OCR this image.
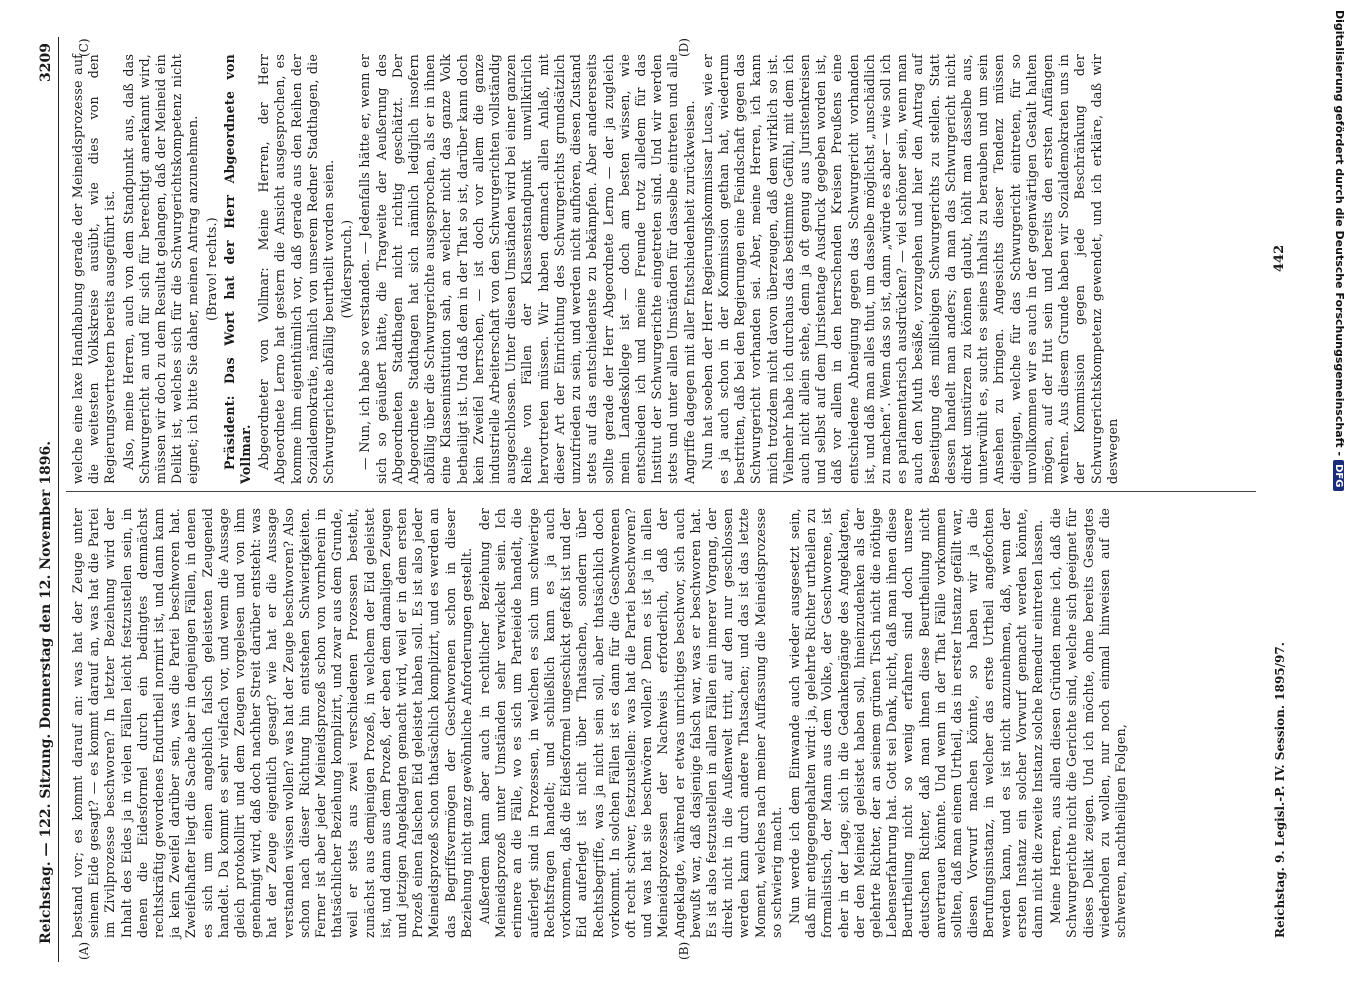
Reichstag. — 122. Sitzung. Donnerstag den 12. November 1896.
3209
(A)	(B)
(C)	(D)

bestand vor; es kommt darauf an: was hat der Zeuge unter seinem Eide gesagt? — es kommt darauf an, was hat die Partei im Zivilprozesse beschworen? In letzter Beziehung wird der Inhalt des Eides ja in vielen Fällen leicht festzustellen sein, in denen die Eidesformel durch ein bedingtes demnächst rechtskräftig gewordenes Endurtheil normirt ist, und dann kann ja kein Zweifel darüber sein, was die Partei beschworen hat. Zweifelhafter liegt die Sache aber in denjenigen Fällen, in denen es sich um einen angeblich falsch geleisteten Zeugeneid handelt. Da kommt es sehr vielfach vor, und wenn die Aussage gleich protokollirt und dem Zeugen vorgelesen und von ihm genehmigt wird, daß doch nachher Streit darüber entsteht: was hat der Zeuge eigentlich gesagt? wie hat er die Aussage verstanden wissen wollen? was hat der Zeuge beschworen? Also schon nach dieser Richtung hin entstehen Schwierigkeiten. Ferner ist aber jeder Meineidsprozeß schon von vornherein in thatsächlicher Beziehung komplizirt, und zwar aus dem Grunde, weil er stets aus zwei verschiedenen Prozessen besteht, zunächst aus demjenigen Prozeß, in welchem der Eid geleistet ist, und dann aus dem Prozeß, der eben dem damaligen Zeugen und jetzigen Angeklagten gemacht wird, weil er in dem ersten Prozeß einen falschen Eid geleistet haben soll. Es ist also jeder Meineidsprozeß schon thatsächlich komplizirt, und es werden an das Begriffsvermögen der Geschworenen schon in dieser Beziehung nicht ganz gewöhnliche Anforderungen gestellt. Außerdem kann aber auch in rechtlicher Beziehung der Meineidsprozeß unter Umständen sehr verwickelt sein. Ich erinnere an die Fälle, wo es sich um Parteieide handelt, die auferlegt sind in Prozessen, in welchen es sich um schwierige Rechtsfragen handelt; und schließlich kann es ja auch vorkommen, daß die Eidesformel ungeschickt gefaßt ist und der Eid auferlegt ist nicht über Thatsachen, sondern über Rechtsbegriffe, was ja nicht sein soll, aber thatsächlich doch vorkommt. In solchen Fällen ist es dann für die Geschworenen oft recht schwer, festzustellen: was hat die Partei beschworen? und was hat sie beschwören wollen? Denn es ist ja in allen Meineidsprozessen der Nachweis erforderlich, daß der Angeklagte, während er etwas unrichtiges beschwor, sich auch bewußt war, daß dasjenige falsch war, was er beschworen hat. Es ist also festzustellen in allen Fällen ein innerer Vorgang, der direkt nicht in die Außenwelt tritt, auf den nur geschlossen werden kann durch andere Thatsachen; und das ist das letzte Moment, welches nach meiner Auffassung die Meineidsprozesse so schwierig macht. Nun werde ich dem Einwande auch wieder ausgesetzt sein, daß mir entgegengehalten wird: ja, gelehrte Richter urtheilen zu formalistisch, der Mann aus dem Volke, der Geschworene, ist eher in der Lage, sich in die Gedankengänge des Angeklagten, der den Meineid geleistet haben soll, hineinzudenken als der gelehrte Richter, der an seinem grünen Tisch nicht die nöthige Lebenserfahrung hat. Gott sei Dank, nicht, daß man ihnen diese Beurtheilung nicht so wenig erfahren sind doch unsere deutschen Richter, daß man ihnen diese Beurtheilung nicht anvertrauen könnte. Und wenn in der That Fälle vorkommen sollten, daß man einem Urtheil, das in erster Instanz gefällt war, diesen Vorwurf machen könnte, so haben wir ja die Berufungsinstanz, in welcher das erste Urtheil angefochten werden kann, und es ist nicht anzunehmen, daß, wenn der ersten Instanz ein solcher Vorwurf gemacht werden könnte, dann nicht die zweite Instanz solche Remedur eintreten lassen. Meine Herren, aus allen diesen Gründen meine ich, daß die Schwurgerichte nicht die Gerichte sind, welche sich geeignet für dieses Delikt zeigen. Und ich möchte, ohne bereits Gesagtes wiederholen zu wollen, nur noch einmal hinweisen auf die schweren, nachtheiligen Folgen,

welche eine laxe Handhabung gerade der Meineidsprozesse auf die weitesten Volkskreise ausübt, wie dies von den Regierungsvertretern bereits ausgeführt ist. Also, meine Herren, auch von dem Standpunkt aus, daß das Schwurgericht an und für sich für berechtigt anerkannt wird, müssen wir doch zu dem Resultat gelangen, daß der Meineid ein Delikt ist, welches sich für die Schwurgerichtskompetenz nicht eignet; ich bitte Sie daher, meinen Antrag anzunehmen. (Bravo! rechts.) Präsident: Das Wort hat der Herr Abgeordnete von Vollmar. Abgeordneter von Vollmar: Meine Herren, der Herr Abgeordnete Lerno hat gestern die Ansicht ausgesprochen, es komme ihm eigenthümlich vor, daß gerade aus den Reihen der Sozialdemokratie, nämlich von unserem Redner Stadthagen, die Schwurgerichte abfällig beurtheilt worden seien. (Widerspruch.) — Nun, ich habe so verstanden. — Jedenfalls hätte er, wenn er sich so geäußert hätte, die Tragweite der Aeußerung des Abgeordneten Stadthagen nicht richtig geschätzt. Der Abgeordnete Stadthagen hat sich nämlich lediglich insofern abfällig über die Schwurgerichte ausgesprochen, als er in ihnen eine Klasseninstitution sah, an welcher nicht das ganze Volk betheiligt ist. Und daß dem in der That so ist, darüber kann doch kein Zweifel herrschen, — ist doch vor allem die ganze industrielle Arbeiterschaft von den Schwurgerichten vollständig ausgeschlossen. Unter diesen Umständen wird bei einer ganzen Reihe von Fällen der Klassenstandpunkt unwillkürlich hervortreten müssen. Wir haben demnach allen Anlaß, mit dieser Art der Einrichtung des Schwurgerichts grundsätzlich unzufrieden zu sein, und werden nicht aufhören, diesen Zustand stets auf das entschiedenste zu bekämpfen. Aber andererseits sollte gerade der Herr Abgeordnete Lerno — der ja zugleich mein Landeskollege ist — doch am besten wissen, wie entschieden ich und meine Freunde trotz alledem für das Institut der Schwurgerichte eingetreten sind. Und wir werden stets und unter allen Umständen für dasselbe eintreten und alle Angriffe dagegen mit aller Entschiedenheit zurückweisen. Nun hat soeben der Herr Regierungskommissar Lucas, wie er es ja auch schon in der Kommission gethan hat, wiederum bestritten, daß bei den Regierungen eine Feindschaft gegen das Schwurgericht vorhanden sei. Aber, meine Herren, ich kann mich trotzdem nicht davon überzeugen, daß dem wirklich so ist. Vielmehr habe ich durchaus das bestimmte Gefühl, mit dem ich auch nicht allein stehe, denn ja oft genug aus Juristenkreisen und selbst auf dem Juristentage Ausdruck gegeben worden ist, daß vor allem in den herrschenden Kreisen Preußens eine entschiedene Abneigung gegen das Schwurgericht vorhanden ist, und daß man alles thut, um dasselbe möglichst „unschädlich zu machen“. Wenn das so ist, dann „würde es aber — wie soll ich es parlamentarisch ausdrücken? — viel schöner sein, wenn man auch den Muth besäße, vorzugehen und hier den Antrag auf Beseitigung des mißliebigen Schwurgerichts zu stellen. Statt dessen handelt man anders; da man das Schwurgericht nicht direkt umstürzen zu können glaubt, höhlt man dasselbe aus, unterwühlt es, sucht es seines Inhalts zu berauben und um sein Ansehen zu bringen. Angesichts dieser Tendenz müssen diejenigen, welche für das Schwurgericht eintreten, für so unvollkommen wir es auch in der gegenwärtigen Gestalt halten mögen, auf der Hut sein und bereits den ersten Anfängen wehren. Aus diesem Grunde haben wir Sozialdemokraten uns in der Kommission gegen jede Beschränkung der Schwurgerichtskompetenz gewendet, und ich erkläre, daß wir deswegen

Reichstag. 9. Legisl.-P. IV. Session. 1895/97.
442	Digitalisierung gefördert durch die Deutsche Forschungsgemeinschaft -DFG
